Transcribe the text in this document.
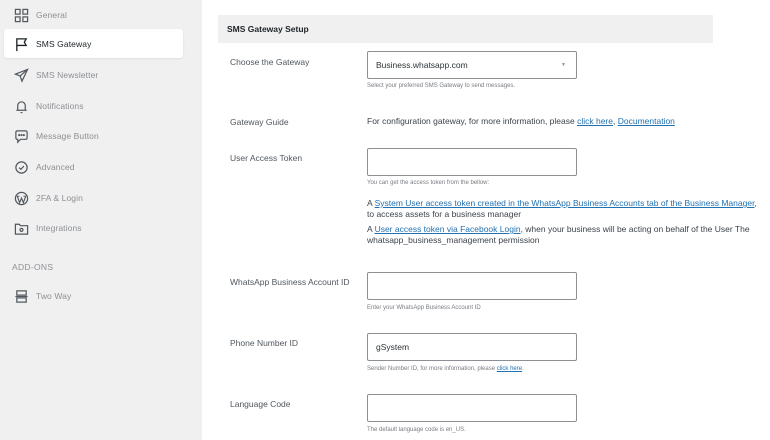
General
SMS Gateway
SMS Newsletter
Notifications
Message Button
Advanced
2FA & Login
Integrations
ADD-ONS
Two Way
SMS Gateway Setup
Choose the Gateway	Business.whatsapp.com	▼
Select your preferred SMS Gateway to send messages.
Gateway Guide	For configuration gateway, for more information, please click here, Documentation
User Access Token
You can get the access token from the bellow:
A System User access token created in the WhatsApp Business Accounts tab of the Business Manager, to access assets for a business manager
A User access token via Facebook Login, when your business will be acting on behalf of the User The whatsapp_business_management permission
WhatsApp Business Account ID
Enter your WhatsApp Business Account ID
Phone Number ID	gSystem
Sender Number ID, for more information, please click here.
Language Code
The default language code is en_US.
